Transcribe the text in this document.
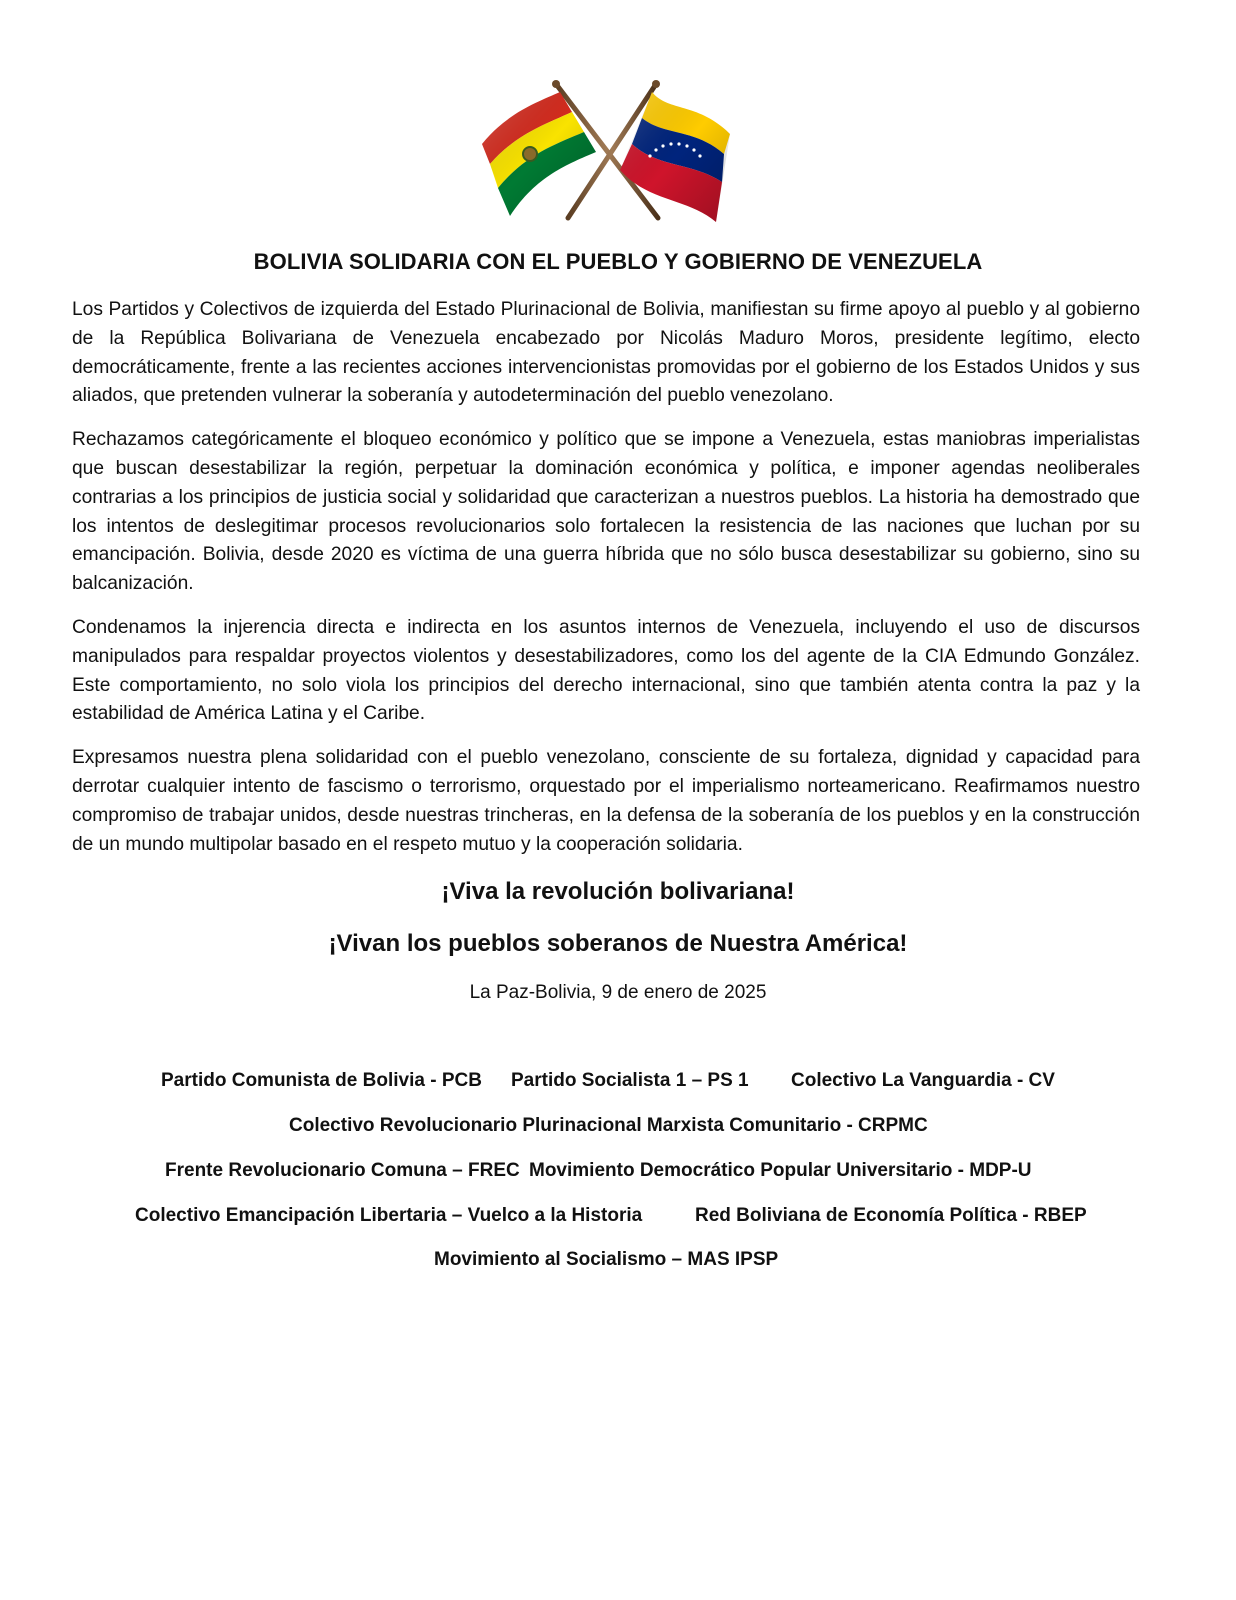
BOLIVIA SOLIDARIA CON EL PUEBLO Y GOBIERNO DE VENEZUELA

Los Partidos y Colectivos de izquierda del Estado Plurinacional de Bolivia, manifiestan su firme apoyo al pueblo y al gobierno de la República Bolivariana de Venezuela encabezado por Nicolás Maduro Moros, presidente legítimo, electo democráticamente, frente a las recientes acciones intervencionistas promovidas por el gobierno de los Estados Unidos y sus aliados, que pretenden vulnerar la soberanía y autodeterminación del pueblo venezolano.

Rechazamos categóricamente el bloqueo económico y político que se impone a Venezuela, estas maniobras imperialistas que buscan desestabilizar la región, perpetuar la dominación económica y política, e imponer agendas neoliberales contrarias a los principios de justicia social y solidaridad que caracterizan a nuestros pueblos. La historia ha demostrado que los intentos de deslegitimar procesos revolucionarios solo fortalecen la resistencia de las naciones que luchan por su emancipación. Bolivia, desde 2020 es víctima de una guerra híbrida que no sólo busca desestabilizar su gobierno, sino su balcanización.

Condenamos la injerencia directa e indirecta en los asuntos internos de Venezuela, incluyendo el uso de discursos manipulados para respaldar proyectos violentos y desestabilizadores, como los del agente de la CIA Edmundo González. Este comportamiento, no solo viola los principios del derecho internacional, sino que también atenta contra la paz y la estabilidad de América Latina y el Caribe.

Expresamos nuestra plena solidaridad con el pueblo venezolano, consciente de su fortaleza, dignidad y capacidad para derrotar cualquier intento de fascismo o terrorismo, orquestado por el imperialismo norteamericano. Reafirmamos nuestro compromiso de trabajar unidos, desde nuestras trincheras, en la defensa de la soberanía de los pueblos y en la construcción de un mundo multipolar basado en el respeto mutuo y la cooperación solidaria.

¡Viva la revolución bolivariana!
¡Vivan los pueblos soberanos de Nuestra América!
La Paz-Bolivia, 9 de enero de 2025
Partido Comunista de Bolivia - PCB Partido Socialista 1 – PS 1 Colectivo La Vanguardia - CV
Colectivo Revolucionario Plurinacional Marxista Comunitario - CRPMC
Frente Revolucionario Comuna – FREC Movimiento Democrático Popular Universitario - MDP-U
Colectivo Emancipación Libertaria – Vuelco a la Historia	Red Boliviana de Economía Política - RBEP
Movimiento al Socialismo – MAS IPSP
